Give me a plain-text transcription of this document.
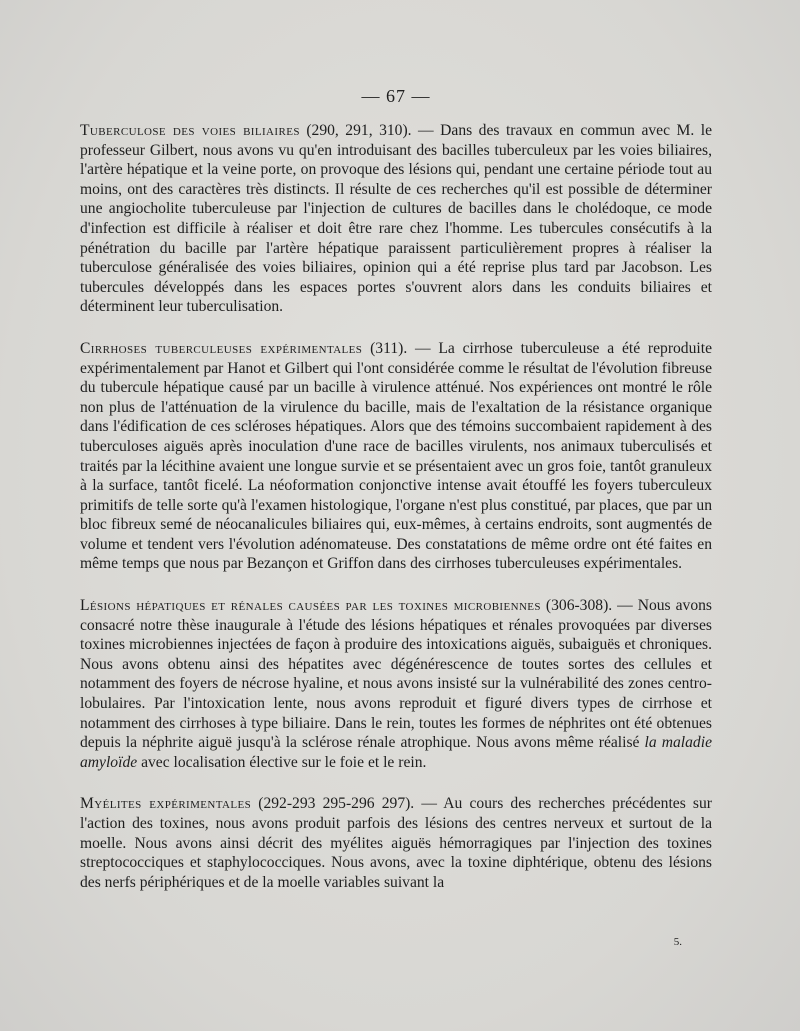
— 67 —

Tuberculose des voies biliaires (290, 291, 310). — Dans des travaux en commun avec M. le professeur Gilbert, nous avons vu qu'en introduisant des bacilles tuberculeux par les voies biliaires, l'artère hépatique et la veine porte, on provoque des lésions qui, pendant une certaine période tout au moins, ont des caractères très distincts. Il résulte de ces recherches qu'il est possible de déterminer une angiocholite tuberculeuse par l'injection de cultures de bacilles dans le cholédoque, ce mode d'infection est difficile à réaliser et doit être rare chez l'homme. Les tubercules consécutifs à la pénétration du bacille par l'artère hépatique paraissent particulièrement propres à réaliser la tuberculose généralisée des voies biliaires, opinion qui a été reprise plus tard par Jacobson. Les tubercules développés dans les espaces portes s'ouvrent alors dans les conduits biliaires et déterminent leur tuberculisation.

Cirrhoses tuberculeuses expérimentales (311). — La cirrhose tuberculeuse a été reproduite expérimentalement par Hanot et Gilbert qui l'ont considérée comme le résultat de l'évolution fibreuse du tubercule hépatique causé par un bacille à virulence atténué. Nos expériences ont montré le rôle non plus de l'atténuation de la virulence du bacille, mais de l'exaltation de la résistance organique dans l'édification de ces scléroses hépatiques. Alors que des témoins succombaient rapidement à des tuberculoses aiguës après inoculation d'une race de bacilles virulents, nos animaux tuberculisés et traités par la lécithine avaient une longue survie et se présentaient avec un gros foie, tantôt granuleux à la surface, tantôt ficelé. La néoformation conjonctive intense avait étouffé les foyers tuberculeux primitifs de telle sorte qu'à l'examen histologique, l'organe n'est plus constitué, par places, que par un bloc fibreux semé de néocanalicules biliaires qui, eux-mêmes, à certains endroits, sont augmentés de volume et tendent vers l'évolution adénomateuse. Des constatations de même ordre ont été faites en même temps que nous par Bezançon et Griffon dans des cirrhoses tuberculeuses expérimentales.

Lésions hépatiques et rénales causées par les toxines microbiennes (306-308). — Nous avons consacré notre thèse inaugurale à l'étude des lésions hépatiques et rénales provoquées par diverses toxines microbiennes injectées de façon à produire des intoxications aiguës, subaiguës et chroniques. Nous avons obtenu ainsi des hépatites avec dégénérescence de toutes sortes des cellules et notamment des foyers de nécrose hyaline, et nous avons insisté sur la vulnérabilité des zones centro-lobulaires. Par l'intoxication lente, nous avons reproduit et figuré divers types de cirrhose et notamment des cirrhoses à type biliaire. Dans le rein, toutes les formes de néphrites ont été obtenues depuis la néphrite aiguë jusqu'à la sclérose rénale atrophique. Nous avons même réalisé la maladie amyloïde avec localisation élective sur le foie et le rein.

Myélites expérimentales (292-293 295-296 297). — Au cours des recherches précédentes sur l'action des toxines, nous avons produit parfois des lésions des centres nerveux et surtout de la moelle. Nous avons ainsi décrit des myélites aiguës hémorragiques par l'injection des toxines streptococciques et staphylococciques. Nous avons, avec la toxine diphtérique, obtenu des lésions des nerfs périphériques et de la moelle variables suivant la

5.
